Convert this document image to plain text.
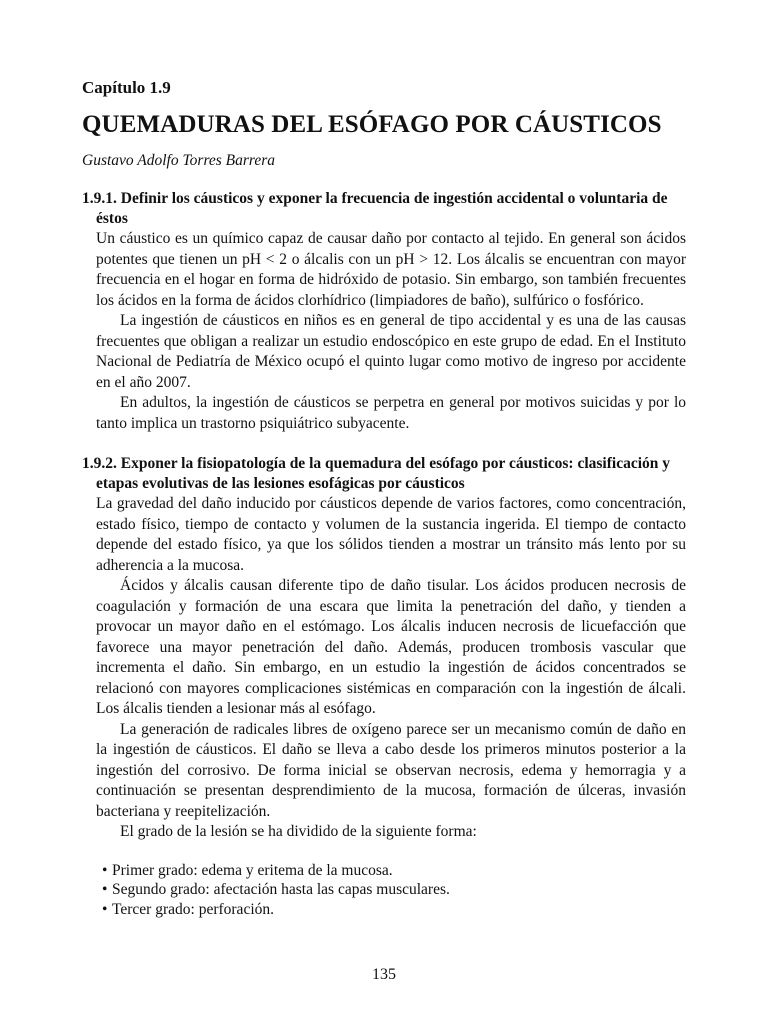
Capítulo 1.9
QUEMADURAS DEL ESÓFAGO POR CÁUSTICOS
Gustavo Adolfo Torres Barrera
1.9.1. Definir los cáusticos y exponer la frecuencia de ingestión accidental o voluntaria de éstos

Un cáustico es un químico capaz de causar daño por contacto al tejido. En general son ácidos potentes que tienen un pH < 2 o álcalis con un pH > 12. Los álcalis se encuentran con mayor frecuencia en el hogar en forma de hidróxido de potasio. Sin embargo, son también frecuentes los ácidos en la forma de ácidos clorhídrico (limpiadores de baño), sulfúrico o fosfórico.

La ingestión de cáusticos en niños es en general de tipo accidental y es una de las causas frecuentes que obligan a realizar un estudio endoscópico en este grupo de edad. En el Instituto Nacional de Pediatría de México ocupó el quinto lugar como motivo de ingreso por accidente en el año 2007.

En adultos, la ingestión de cáusticos se perpetra en general por motivos suicidas y por lo tanto implica un trastorno psiquiátrico subyacente.

1.9.2. Exponer la fisiopatología de la quemadura del esófago por cáusticos: clasificación y etapas evolutivas de las lesiones esofágicas por cáusticos

La gravedad del daño inducido por cáusticos depende de varios factores, como concentración, estado físico, tiempo de contacto y volumen de la sustancia ingerida. El tiempo de contacto depende del estado físico, ya que los sólidos tienden a mostrar un tránsito más lento por su adherencia a la mucosa.

Ácidos y álcalis causan diferente tipo de daño tisular. Los ácidos producen necrosis de coagulación y formación de una escara que limita la penetración del daño, y tienden a provocar un mayor daño en el estómago. Los álcalis inducen necrosis de licuefacción que favorece una mayor penetración del daño. Además, producen trombosis vascular que incrementa el daño. Sin embargo, en un estudio la ingestión de ácidos concentrados se relacionó con mayores complicaciones sistémicas en comparación con la ingestión de álcali. Los álcalis tienden a lesionar más al esófago.

La generación de radicales libres de oxígeno parece ser un mecanismo común de daño en la ingestión de cáusticos. El daño se lleva a cabo desde los primeros minutos posterior a la ingestión del corrosivo. De forma inicial se observan necrosis, edema y hemorragia y a continuación se presentan desprendimiento de la mucosa, formación de úlceras, invasión bacteriana y reepitelización.

El grado de la lesión se ha dividido de la siguiente forma:

• Primer grado: edema y eritema de la mucosa.
• Segundo grado: afectación hasta las capas musculares.
• Tercer grado: perforación.
135
